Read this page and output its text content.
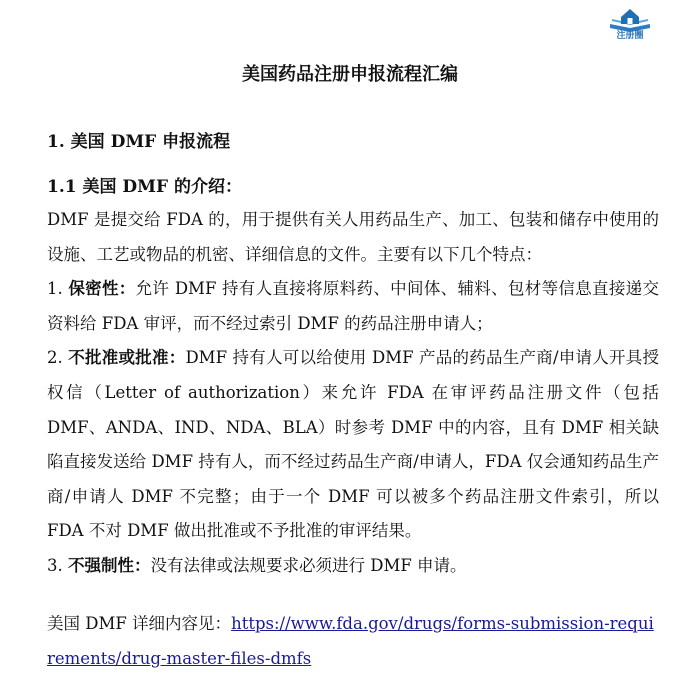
注册圈
美国药品注册申报流程汇编
1. 美国 DMF 申报流程
1.1 美国 DMF 的介绍：

DMF 是提交给 FDA 的，用于提供有关人用药品生产、加工、包装和储存中使用的设施、工艺或物品的机密、详细信息的文件。主要有以下几个特点：

1. 保密性：允许 DMF 持有人直接将原料药、中间体、辅料、包材等信息直接递交资料给 FDA 审评，而不经过索引 DMF 的药品注册申请人；

2. 不批准或批准：DMF 持有人可以给使用 DMF 产品的药品生产商/申请人开具授权信（Letter of authorization）来允许 FDA 在审评药品注册文件（包括 DMF、ANDA、IND、NDA、BLA）时参考 DMF 中的内容，且有 DMF 相关缺陷直接发送给 DMF 持有人，而不经过药品生产商/申请人，FDA 仅会通知药品生产商/申请人 DMF 不完整；由于一个 DMF 可以被多个药品注册文件索引，所以 FDA 不对 DMF 做出批准或不予批准的审评结果。

3. 不强制性：没有法律或法规要求必须进行 DMF 申请。

美国 DMF 详细内容见：https://www.fda.gov/drugs/forms-submission-requirements/drug-master-files-dmfs
